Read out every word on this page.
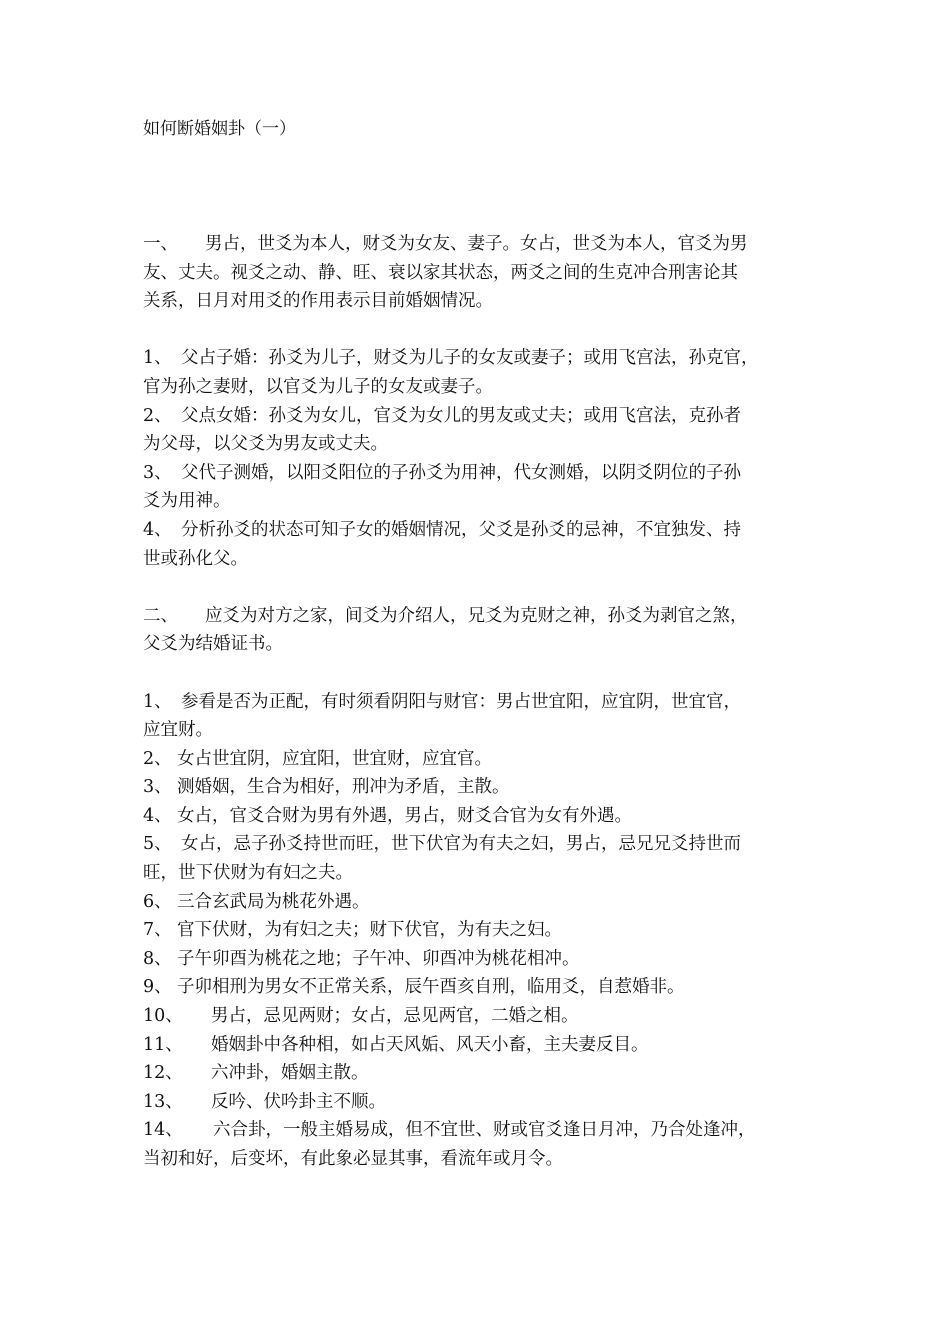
如何断婚姻卦（一）
一、 男占，世爻为本人，财爻为女友、妻子。女占，世爻为本人，官爻为男
友、丈夫。视爻之动、静、旺、衰以家其状态，两爻之间的生克冲合刑害论其
关系，日月对用爻的作用表示目前婚姻情况。
1、 父占子婚：孙爻为儿子，财爻为儿子的女友或妻子；或用飞宫法，孙克官，
官为孙之妻财，以官爻为儿子的女友或妻子。
2、 父点女婚：孙爻为女儿，官爻为女儿的男友或丈夫；或用飞宫法，克孙者
为父母，以父爻为男友或丈夫。
3、 父代子测婚，以阳爻阳位的子孙爻为用神，代女测婚，以阴爻阴位的子孙
爻为用神。
4、 分析孙爻的状态可知子女的婚姻情况，父爻是孙爻的忌神，不宜独发、持
世或孙化父。
二、 应爻为对方之家，间爻为介绍人，兄爻为克财之神，孙爻为剥官之煞，
父爻为结婚证书。
1、 参看是否为正配，有时须看阴阳与财官：男占世宜阳，应宜阴，世宜官，
应宜财。
2、 女占世宜阴，应宜阳，世宜财，应宜官。
3、 测婚姻，生合为相好，刑冲为矛盾，主散。
4、 女占，官爻合财为男有外遇，男占，财爻合官为女有外遇。
5、 女占，忌子孙爻持世而旺，世下伏官为有夫之妇，男占，忌兄兄爻持世而
旺，世下伏财为有妇之夫。
6、 三合玄武局为桃花外遇。
7、 官下伏财，为有妇之夫；财下伏官，为有夫之妇。
8、 子午卯酉为桃花之地；子午冲、卯酉冲为桃花相冲。
9、 子卯相刑为男女不正常关系，辰午酉亥自刑，临用爻，自惹婚非。
10、 男占，忌见两财；女占，忌见两官，二婚之相。
11、 婚姻卦中各种相，如占天风姤、风天小畜，主夫妻反目。
12、 六冲卦，婚姻主散。
13、 反吟、伏吟卦主不顺。
14、 六合卦，一般主婚易成，但不宜世、财或官爻逢日月冲，乃合处逢冲，
当初和好，后变坏，有此象必显其事，看流年或月令。
